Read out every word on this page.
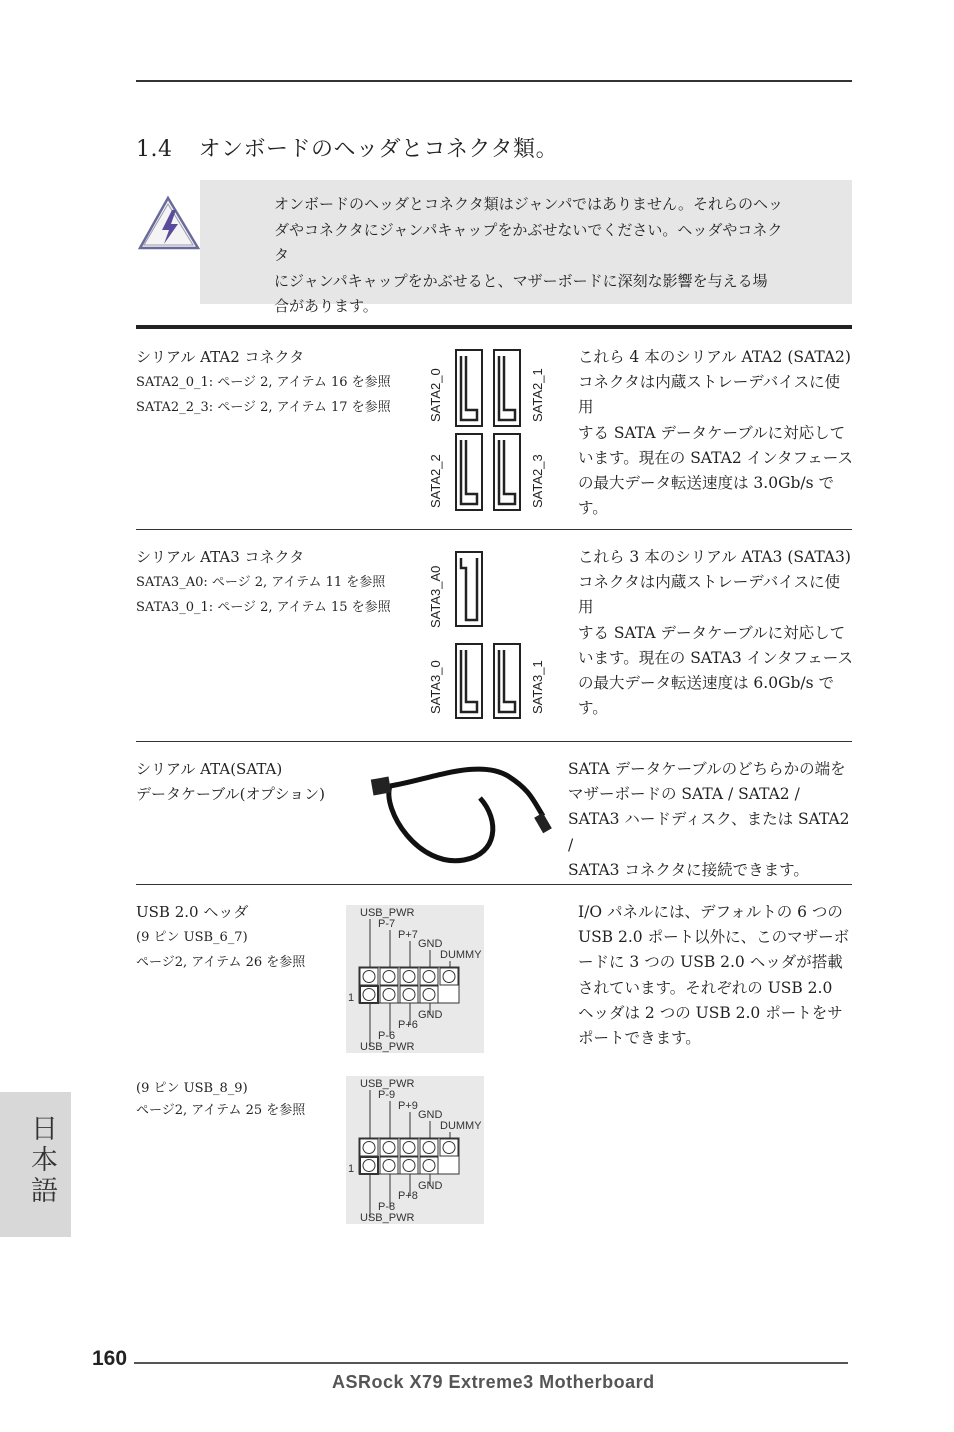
1.4 オンボードのヘッダとコネクタ類。
オンボードのヘッダとコネクタ類はジャンパではありません。それらのヘッ
ダやコネクタにジャンパキャップをかぶせないでください。ヘッダやコネクタ
にジャンパキャップをかぶせると、マザーボードに深刻な影響を与える場
合があります。
シリアル ATA2 コネクタ
SATA2_0_1: ページ 2, アイテム 16 を参照
SATA2_2_3: ページ 2, アイテム 17 を参照	SATA2_0	SATA2_1
SATA2_2	SATA2_3
これら 4 本のシリアル ATA2 (SATA2)
コネクタは内蔵ストレーデバイスに使用
する SATA データケーブルに対応して
います。現在の SATA2 インタフェース
の最大データ転送速度は 3.0Gb/s で
す。
シリアル ATA3 コネクタ
SATA3_A0: ページ 2, アイテム 11 を参照
SATA3_0_1: ページ 2, アイテム 15 を参照	SATA3_A0
SATA3_0	SATA3_1
これら 3 本のシリアル ATA3 (SATA3)
コネクタは内蔵ストレーデバイスに使用
する SATA データケーブルに対応して
います。現在の SATA3 インタフェース
の最大データ転送速度は 6.0Gb/s で
す。
シリアル ATA(SATA)
データケーブル(オプション)
SATA データケーブルのどちらかの端を
マザーボードの SATA / SATA2 /
SATA3 ハードディスク、または SATA2 /
SATA3 コネクタに接続できます。
USB 2.0 ヘッダ
(9 ピン USB_6_7)
ページ2, アイテム 26 を参照
USB_PWR
P-7
P+7
GND
DUMMY
1
GND
P+6
P-6
USB_PWR
I/O パネルには、デフォルトの 6 つの
USB 2.0 ポート以外に、このマザーボ
ードに 3 つの USB 2.0 ヘッダが搭載
されています。それぞれの USB 2.0
ヘッダは 2 つの USB 2.0 ポートをサ
ポートできます。
(9 ピン USB_8_9)
ページ2, アイテム 25 を参照
USB_PWR
P-9
P+9
GND
DUMMY
1
GND
P+8
P-8
USB_PWR
日本語
160
ASRock X79 Extreme3 Motherboard
